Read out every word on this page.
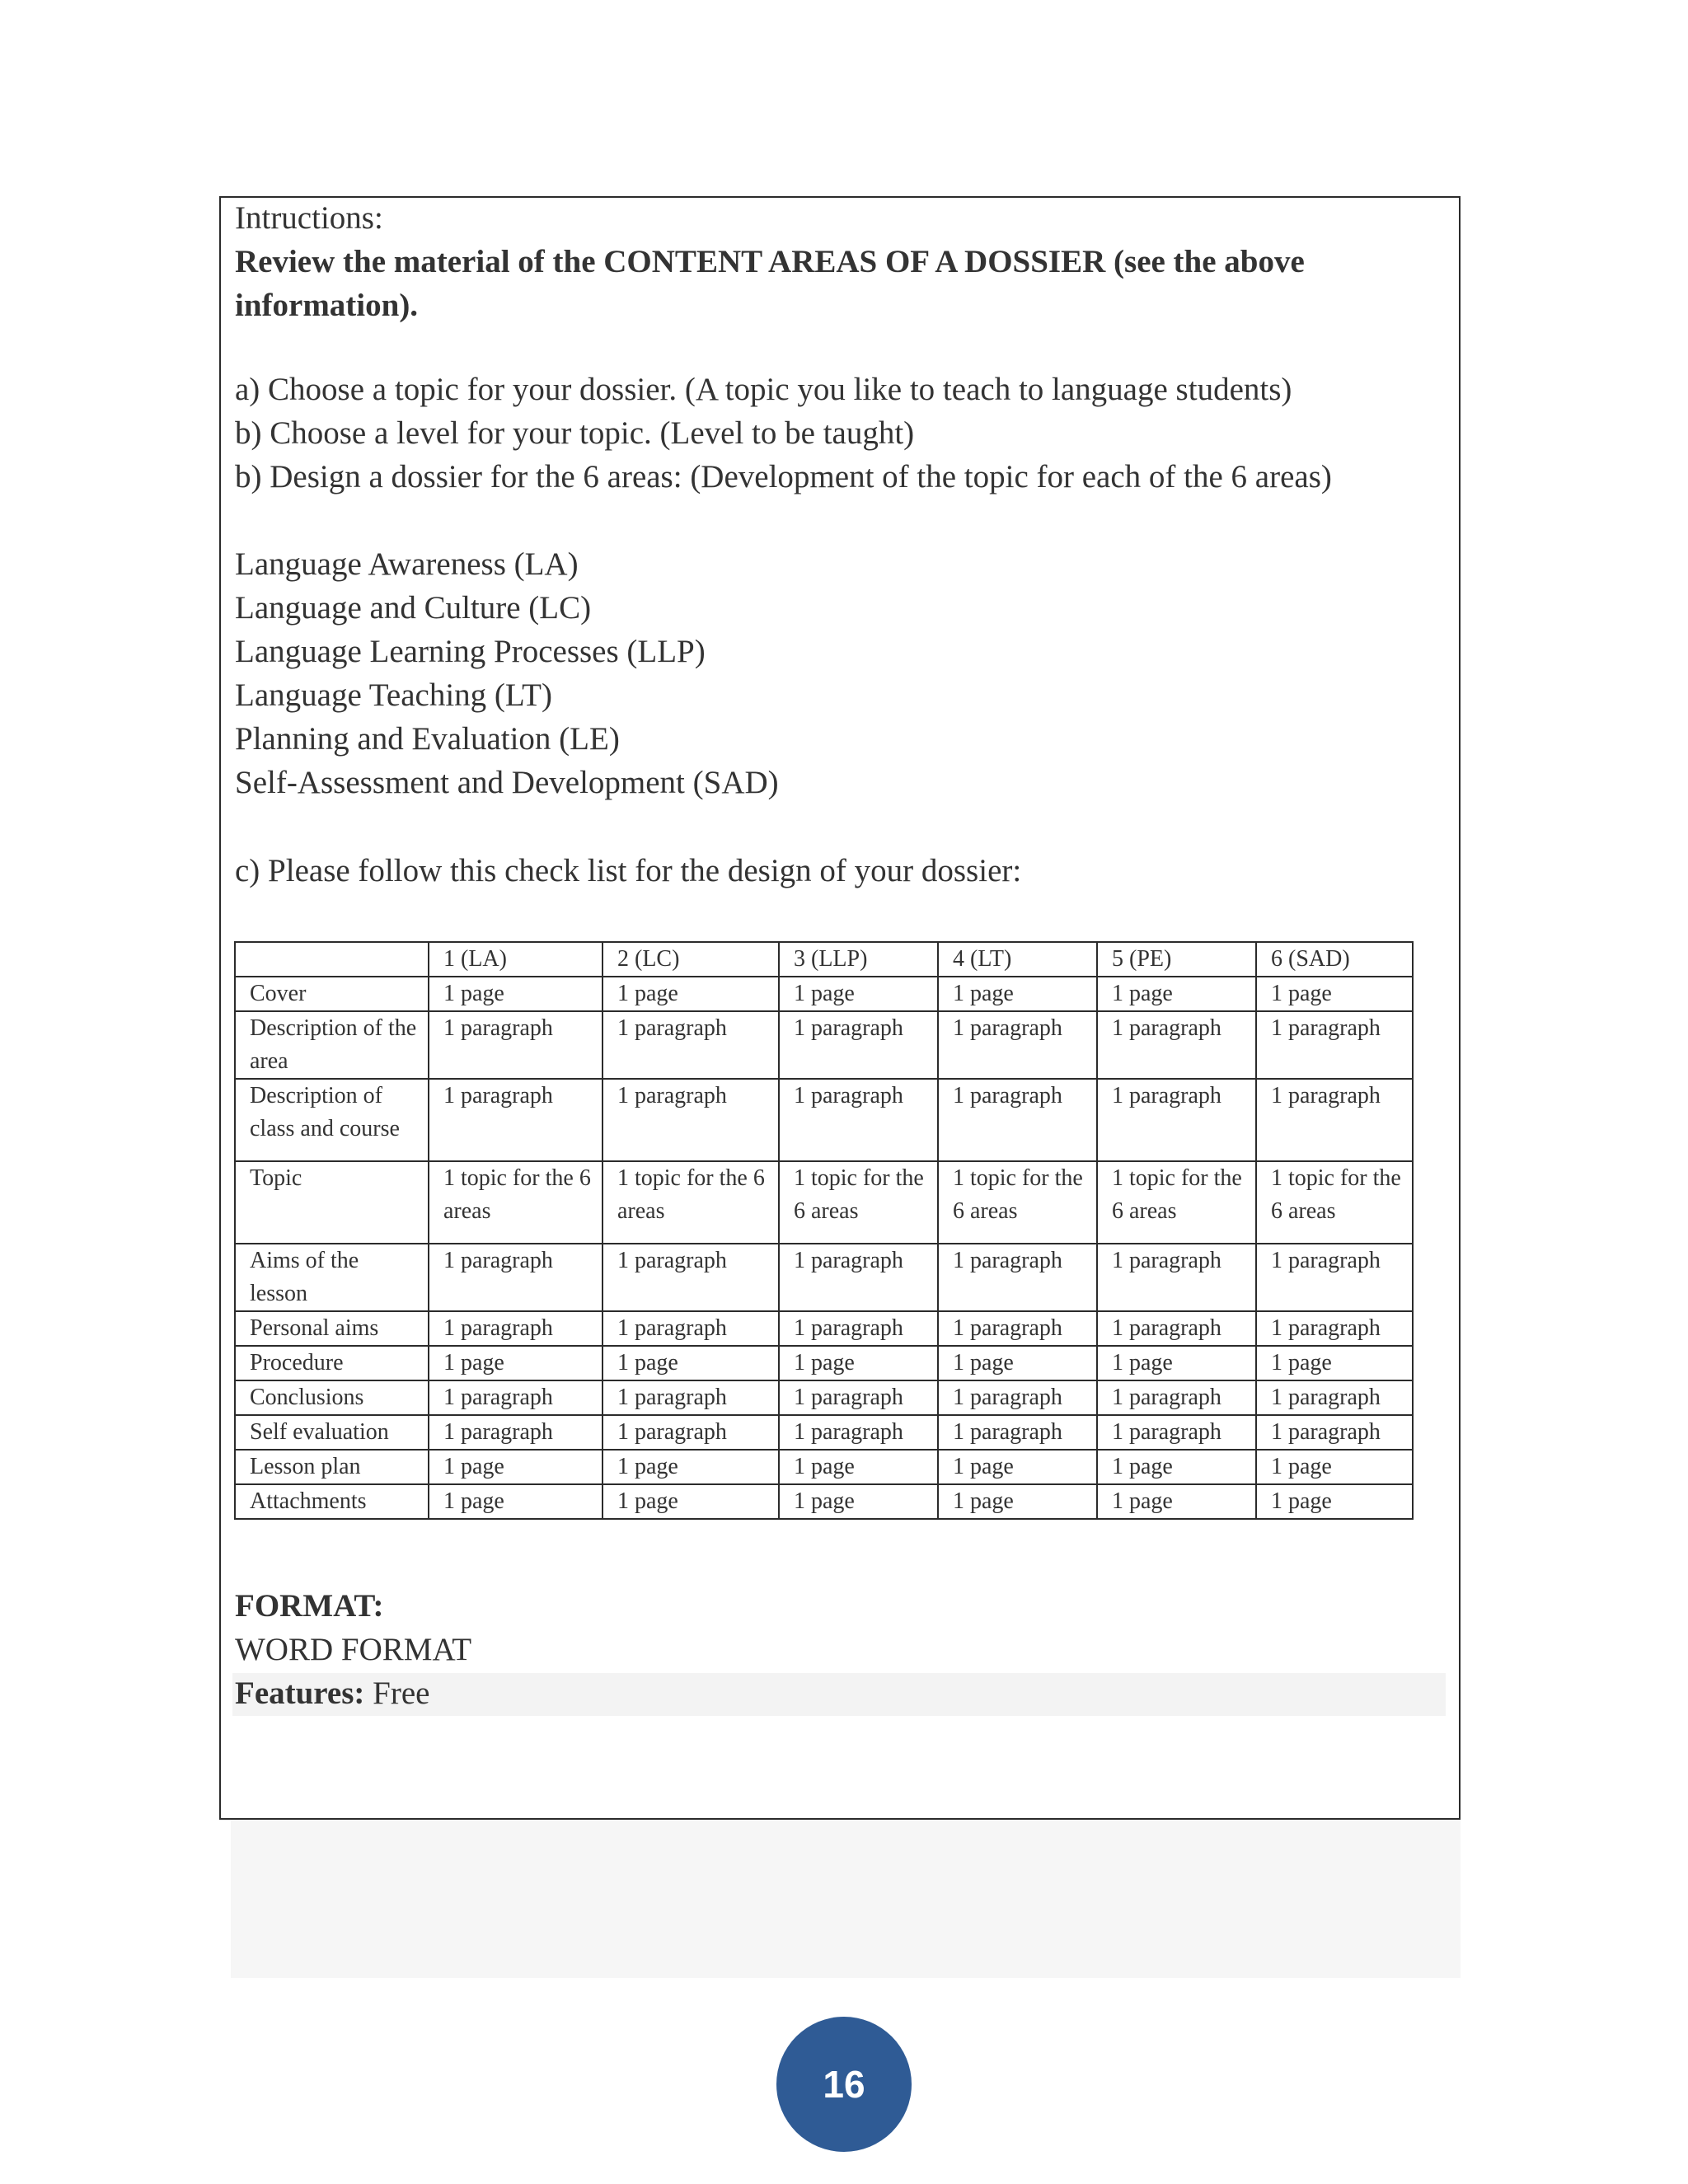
Intructions:
Review the material of the CONTENT AREAS OF A DOSSIER (see the above
information).
a) Choose a topic for your dossier. (A topic you like to teach to language students)
b) Choose a level for your topic. (Level to be taught)
b) Design a dossier for the 6 areas: (Development of the topic for each of the 6 areas)
Language Awareness (LA)
Language and Culture (LC)
Language Learning Processes (LLP)
Language Teaching (LT)
Planning and Evaluation (LE)
Self-Assessment and Development (SAD)
c) Please follow this check list for the design of your dossier:
	1 (LA)	2 (LC)	3 (LLP)	4 (LT)	5 (PE)	6 (SAD)
Cover	1 page	1 page	1 page	1 page	1 page	1 page
Description of the area	1 paragraph	1 paragraph	1 paragraph	1 paragraph	1 paragraph	1 paragraph
Description of class and course	1 paragraph	1 paragraph	1 paragraph	1 paragraph	1 paragraph	1 paragraph
Topic	1 topic for the 6 areas	1 topic for the 6 areas	1 topic for the 6 areas	1 topic for the 6 areas	1 topic for the 6 areas	1 topic for the 6 areas
Aims of the lesson	1 paragraph	1 paragraph	1 paragraph	1 paragraph	1 paragraph	1 paragraph
Personal aims	1 paragraph	1 paragraph	1 paragraph	1 paragraph	1 paragraph	1 paragraph
Procedure	1 page	1 page	1 page	1 page	1 page	1 page
Conclusions	1 paragraph	1 paragraph	1 paragraph	1 paragraph	1 paragraph	1 paragraph
Self evaluation	1 paragraph	1 paragraph	1 paragraph	1 paragraph	1 paragraph	1 paragraph
Lesson plan	1 page	1 page	1 page	1 page	1 page	1 page
Attachments	1 page	1 page	1 page	1 page	1 page	1 page
FORMAT:
WORD FORMAT
Features: Free
16
